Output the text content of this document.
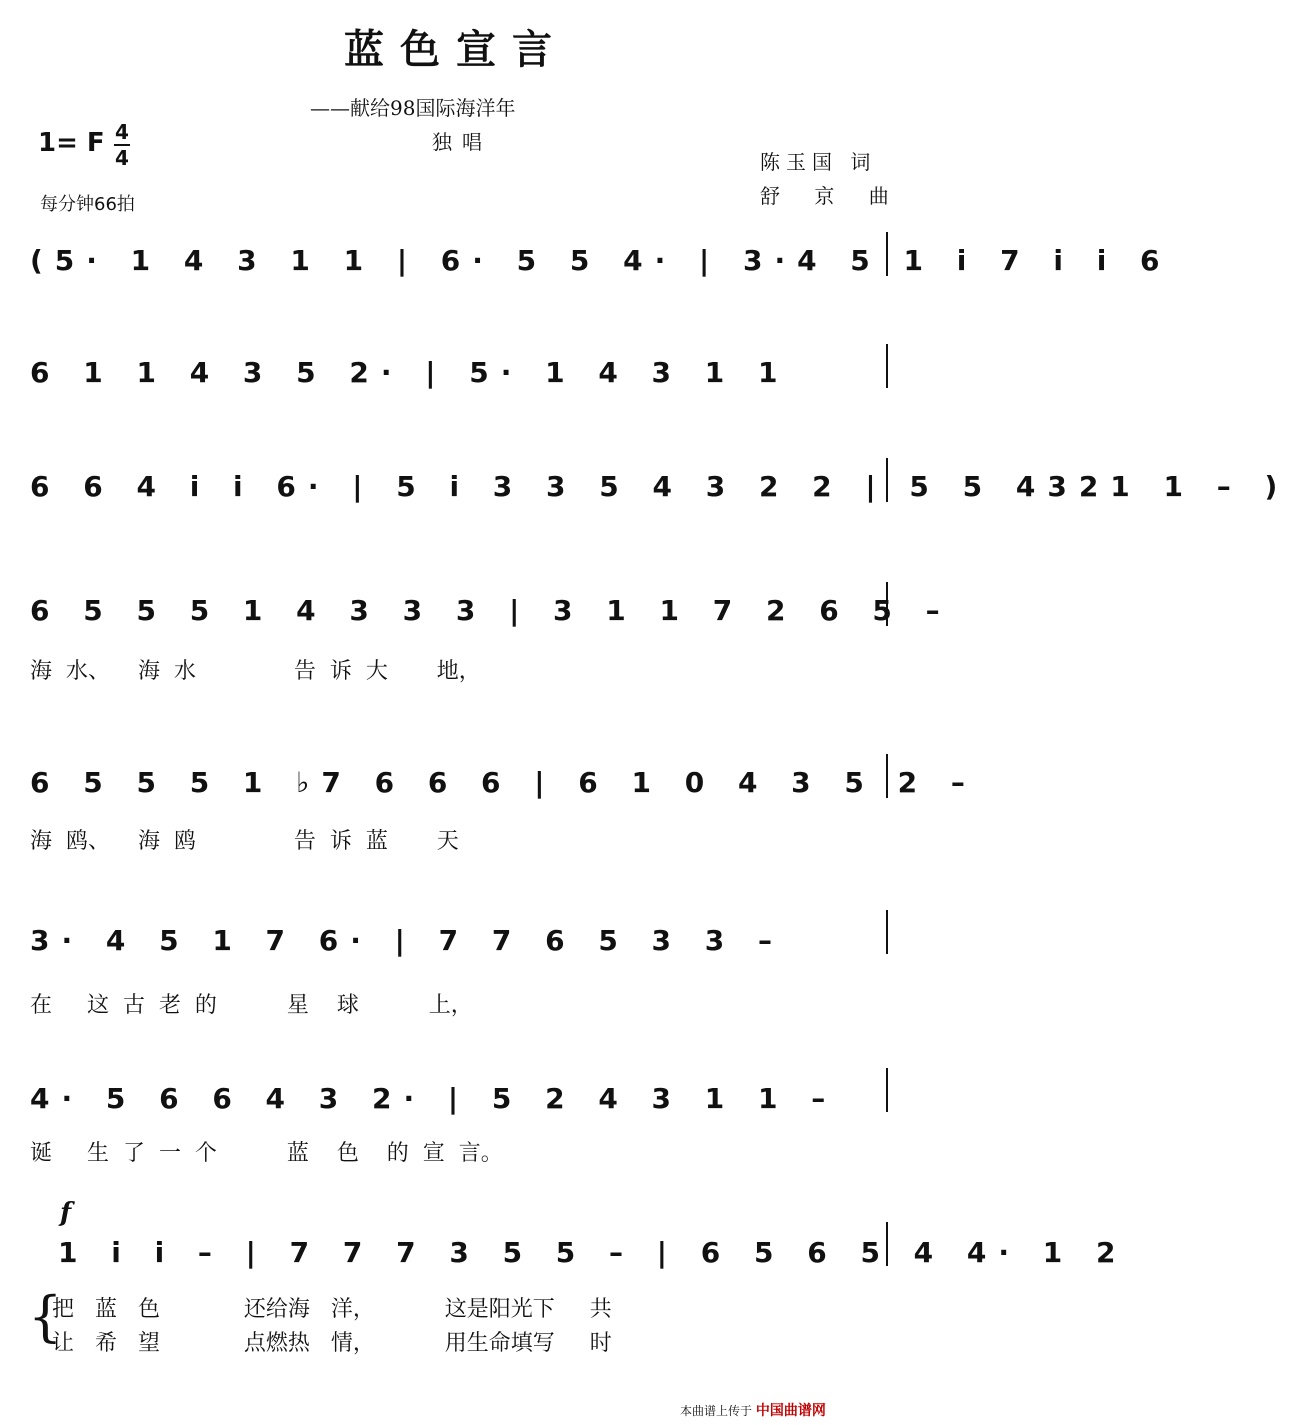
蓝色宣言
——献给98国际海洋年
独唱
1= F 4
4
每分钟66拍
陈玉国 词
舒 京 曲
(5· 1 4 3 1 1 | 6· 5 5 4· | 3·4 5 1 i 7 i i 6
6 1 1 4 3 5 2· | 5· 1 4 3 1 1
6 6 4 i i 6· | 5 i 3 3 5 4 3 2 2 | 5 5 4321 1 – )
6 5 5 5 1 4 3 3 3 | 3 1 1 7 2 6 5 –
海  水、    海  水              告  诉  大       地，
6 5 5 5 1 ♭7 6 6 6 | 6 1 0 4 3 5 2 –
海  鸥、    海  鸥              告  诉  蓝       天
3· 4 5 1 7 6· | 7 7 6 5 3 3 –
在     这  古  老  的          星    球          上，
4· 5 6 6 4 3 2· | 5 2 4 3 1 1 –
诞     生  了  一  个          蓝    色    的  宣  言。
f
1 i i – | 7 7 7 3 5 5 – | 6 5 6 5 4 4· 1 2
{
把   蓝   色            还给海   洋，          这是阳光下     共
让   希   望            点燃热   情，          用生命填写     时
本曲谱上传于 中国曲谱网
